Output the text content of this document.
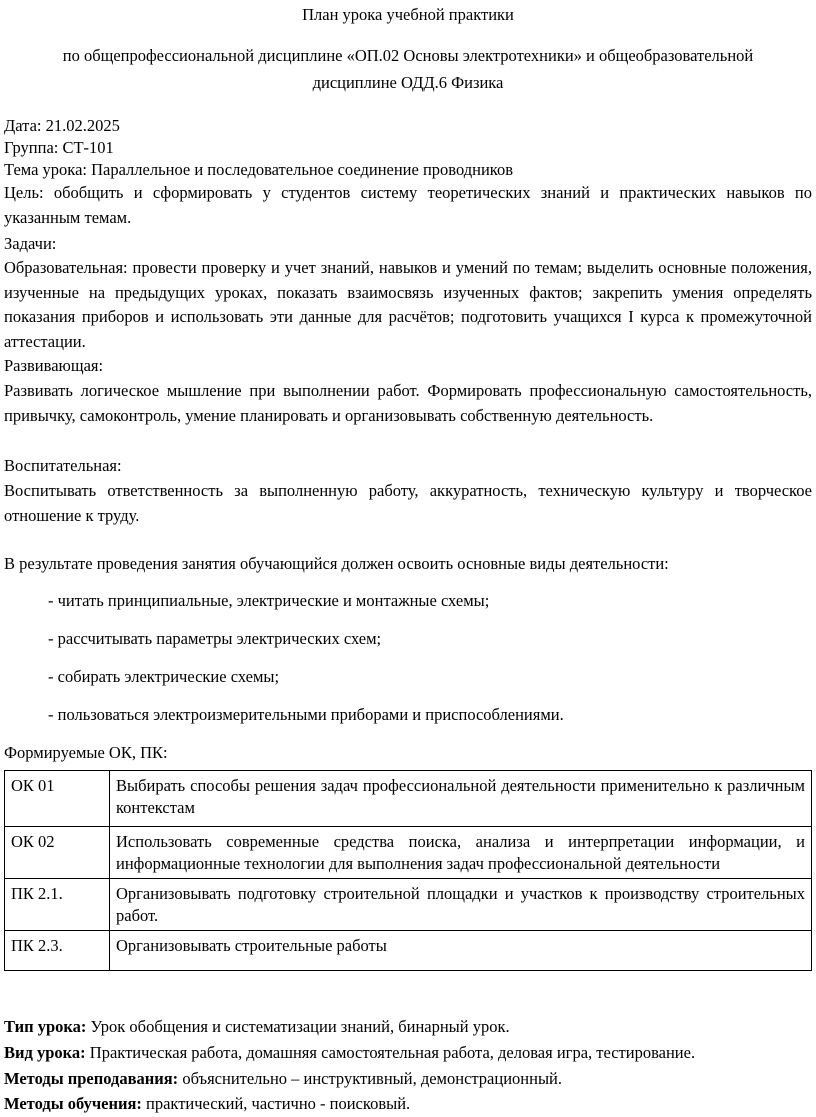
План урока учебной практики
по общепрофессиональной дисциплине «ОП.02 Основы электротехники» и общеобразовательной дисциплине ОДД.6 Физика
Дата: 21.02.2025
Группа: СТ-101
Тема урока: Параллельное и последовательное соединение проводников
Цель: обобщить и сформировать у студентов систему теоретических знаний и практических навыков по указанным темам.
Задачи:
Образовательная: провести проверку и учет знаний, навыков и умений по темам; выделить основные положения, изученные на предыдущих уроках, показать взаимосвязь изученных фактов; закрепить умения определять показания приборов и использовать эти данные для расчётов; подготовить учащихся I курса к промежуточной аттестации.
Развивающая:
Развивать логическое мышление при выполнении работ. Формировать профессиональную самостоятельность, привычку, самоконтроль, умение планировать и организовывать собственную деятельность.
Воспитательная:
Воспитывать ответственность за выполненную работу, аккуратность, техническую культуру и творческое отношение к труду.
В результате проведения занятия обучающийся должен освоить основные виды деятельности:
- читать принципиальные, электрические и монтажные схемы;
- рассчитывать параметры электрических схем;
- собирать электрические схемы;
- пользоваться электроизмерительными приборами и приспособлениями.
Формируемые ОК, ПК:
ОК 01	Выбирать способы решения задач профессиональной деятельности применительно к различным контекстам
ОК 02	Использовать современные средства поиска, анализа и интерпретации информации, и информационные технологии для выполнения задач профессиональной деятельности
ПК 2.1.	Организовывать подготовку строительной площадки и участков к производству строительных работ.
ПК 2.3.	Организовывать строительные работы
Тип урока: Урок обобщения и систематизации знаний, бинарный урок.
Вид урока: Практическая работа, домашняя самостоятельная работа, деловая игра, тестирование.
Методы преподавания: объяснительно – инструктивный, демонстрационный.
Методы обучения: практический, частично - поисковый.
